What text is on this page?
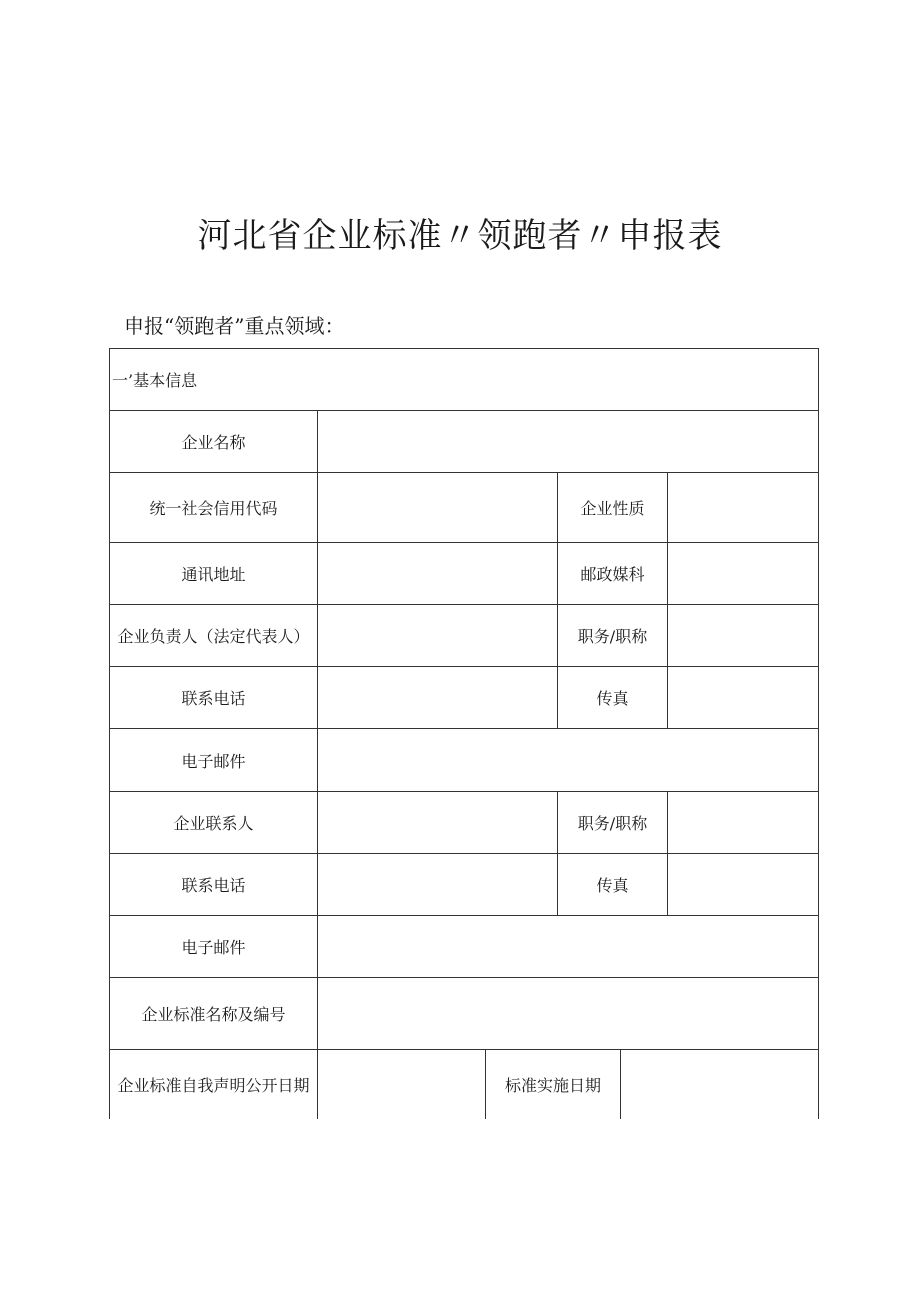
河北省企业标准〃领跑者〃申报表
申报“领跑者”重点领域：
一’基本信息
企业名称
统一社会信用代码	企业性质
通讯地址	邮政媒科
企业负责人（法定代表人）	职务/职称
联系电话	传真
电子邮件
企业联系人	职务/职称
联系电话	传真
电子邮件
企业标准名称及编号
企业标准自我声明公开日期	标准实施日期
